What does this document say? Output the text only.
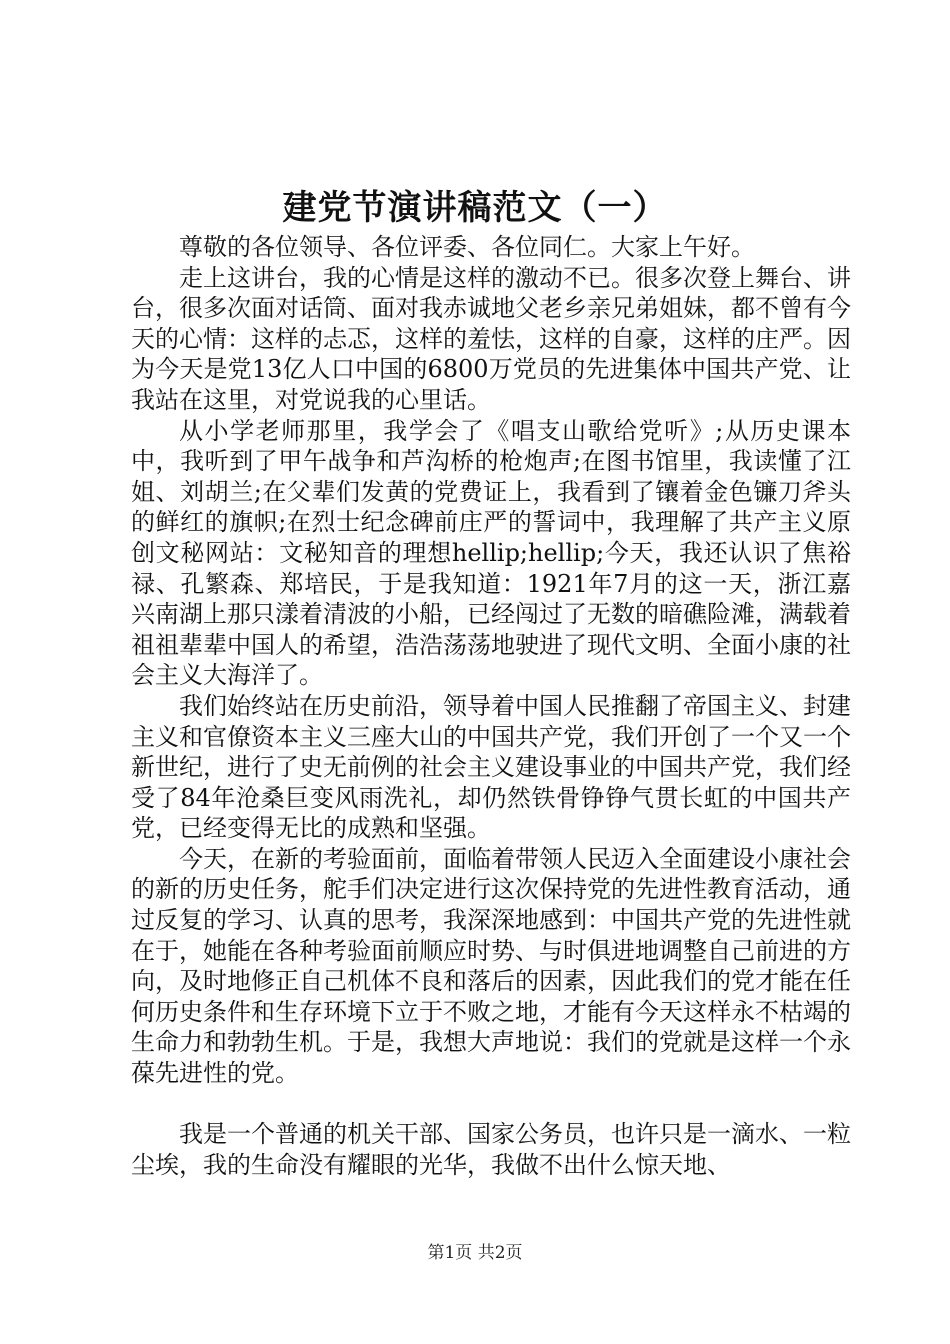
建党节演讲稿范文（一）

尊敬的各位领导、各位评委、各位同仁。大家上午好。

走上这讲台，我的心情是这样的激动不已。很多次登上舞台、讲台，很多次面对话筒、面对我赤诚地父老乡亲兄弟姐妹，都不曾有今天的心情：这样的忐忑，这样的羞怯，这样的自豪，这样的庄严。因为今天是党13亿人口中国的6800万党员的先进集体中国共产党、让我站在这里，对党说我的心里话。

从小学老师那里，我学会了《唱支山歌给党听》;从历史课本中，我听到了甲午战争和芦沟桥的枪炮声;在图书馆里，我读懂了江姐、刘胡兰;在父辈们发黄的党费证上，我看到了镶着金色镰刀斧头的鲜红的旗帜;在烈士纪念碑前庄严的誓词中，我理解了共产主义原创文秘网站：文秘知音的理想hellip;hellip;今天，我还认识了焦裕禄、孔繁森、郑培民，于是我知道：1921年7月的这一天，浙江嘉兴南湖上那只漾着清波的小船，已经闯过了无数的暗礁险滩，满载着祖祖辈辈中国人的希望，浩浩荡荡地驶进了现代文明、全面小康的社会主义大海洋了。

我们始终站在历史前沿，领导着中国人民推翻了帝国主义、封建主义和官僚资本主义三座大山的中国共产党，我们开创了一个又一个新世纪，进行了史无前例的社会主义建设事业的中国共产党，我们经受了84年沧桑巨变风雨洗礼，却仍然铁骨铮铮气贯长虹的中国共产党，已经变得无比的成熟和坚强。

今天，在新的考验面前，面临着带领人民迈入全面建设小康社会的新的历史任务，舵手们决定进行这次保持党的先进性教育活动，通过反复的学习、认真的思考，我深深地感到：中国共产党的先进性就在于，她能在各种考验面前顺应时势、与时俱进地调整自己前进的方向，及时地修正自己机体不良和落后的因素，因此我们的党才能在任何历史条件和生存环境下立于不败之地，才能有今天这样永不枯竭的生命力和勃勃生机。于是，我想大声地说：我们的党就是这样一个永葆先进性的党。

我是一个普通的机关干部、国家公务员，也许只是一滴水、一粒尘埃，我的生命没有耀眼的光华，我做不出什么惊天地、

第1页 共2页
